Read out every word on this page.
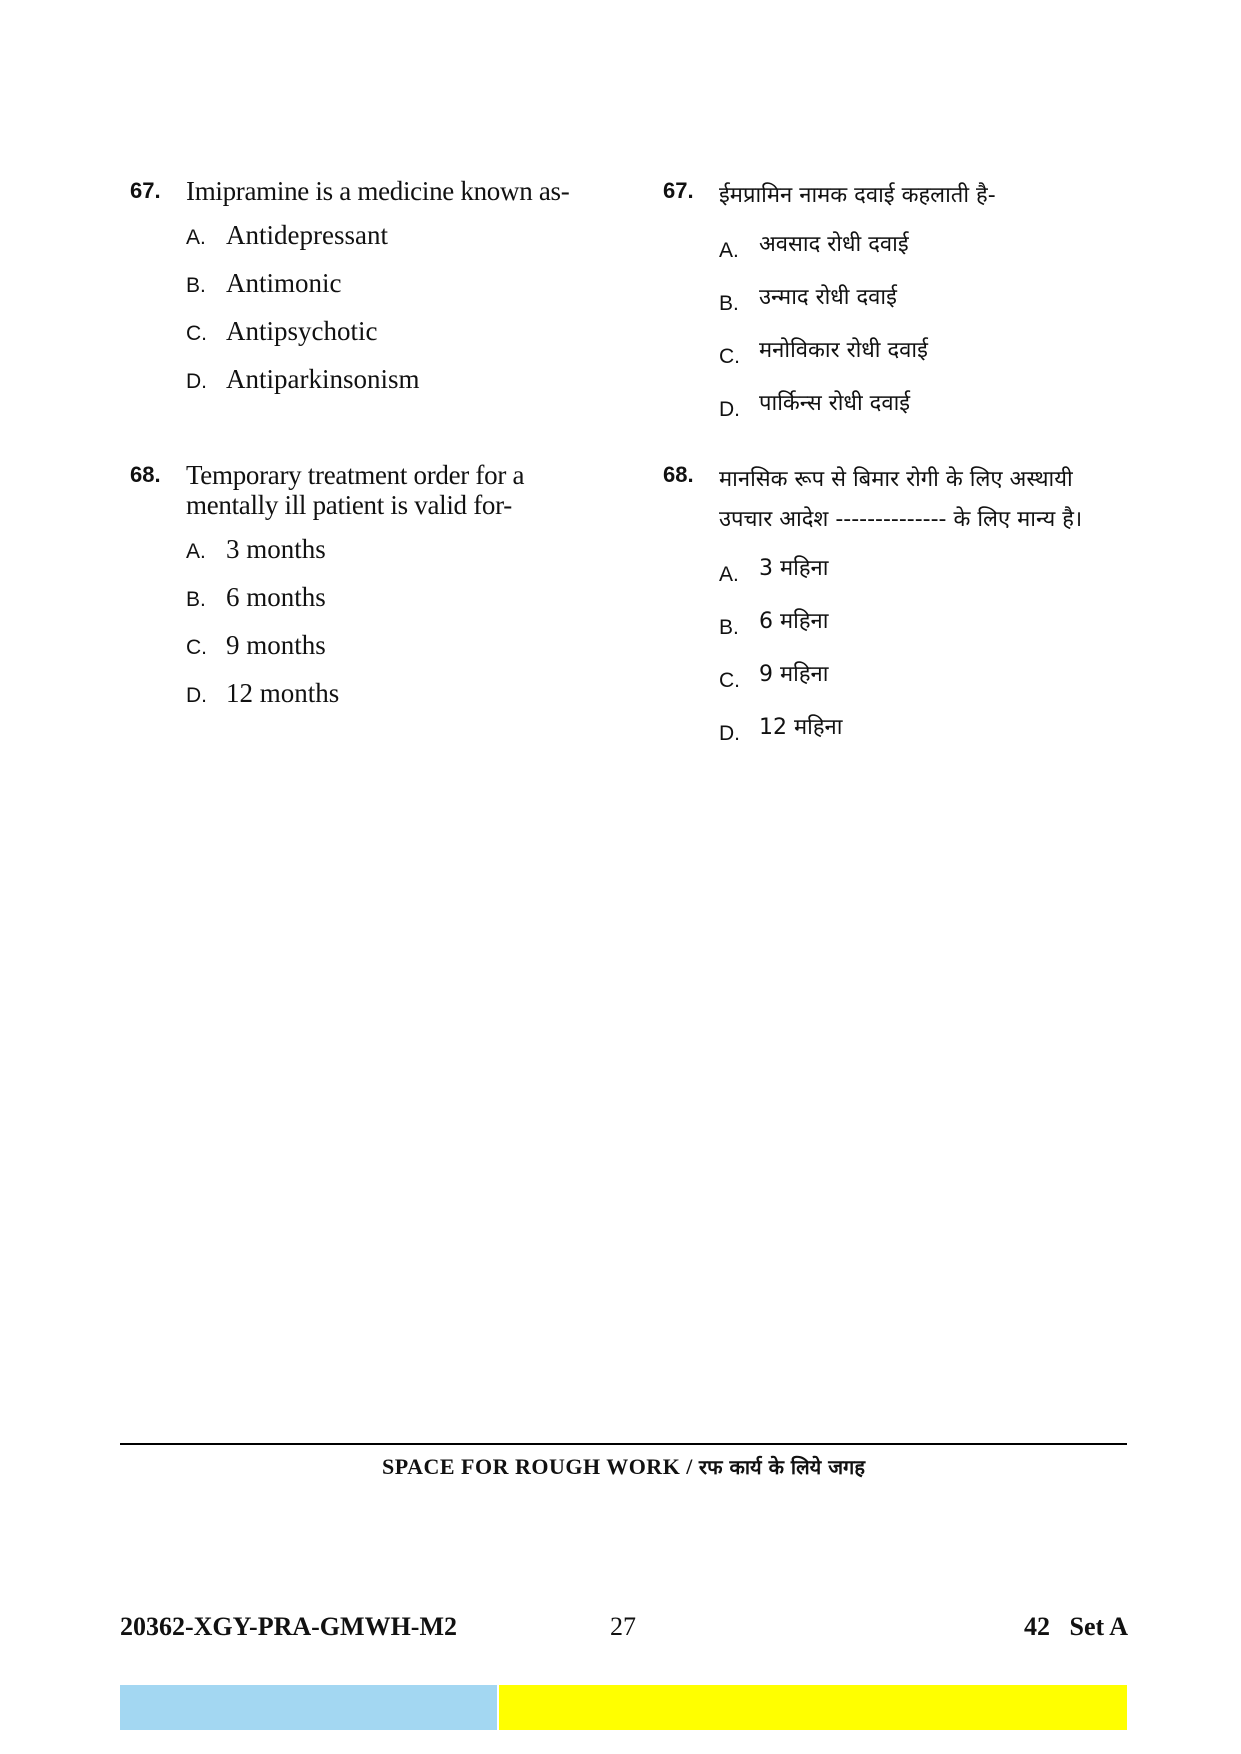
67. Imipramine is a medicine known as-
A. Antidepressant
B. Antimonic
C. Antipsychotic
D. Antiparkinsonism
68. Temporary treatment order for a
mentally ill patient is valid for-
A. 3 months
B. 6 months
C. 9 months
D. 12 months
67. ईमप्रामिन नामक दवाई कहलाती है-
A. अवसाद रोधी दवाई
B. उन्माद रोधी दवाई
C. मनोविकार रोधी दवाई
D. पार्किन्स रोधी दवाई
68. मानसिक रूप से बिमार रोगी के लिए अस्थायी
उपचार आदेश -------------- के लिए मान्य है।
A. 3 महिना
B. 6 महिना
C. 9 महिना
D. 12 महिना
SPACE FOR ROUGH WORK / रफ कार्य के लिये जगह
20362-XGY-PRA-GMWH-M2	27	42   Set A
